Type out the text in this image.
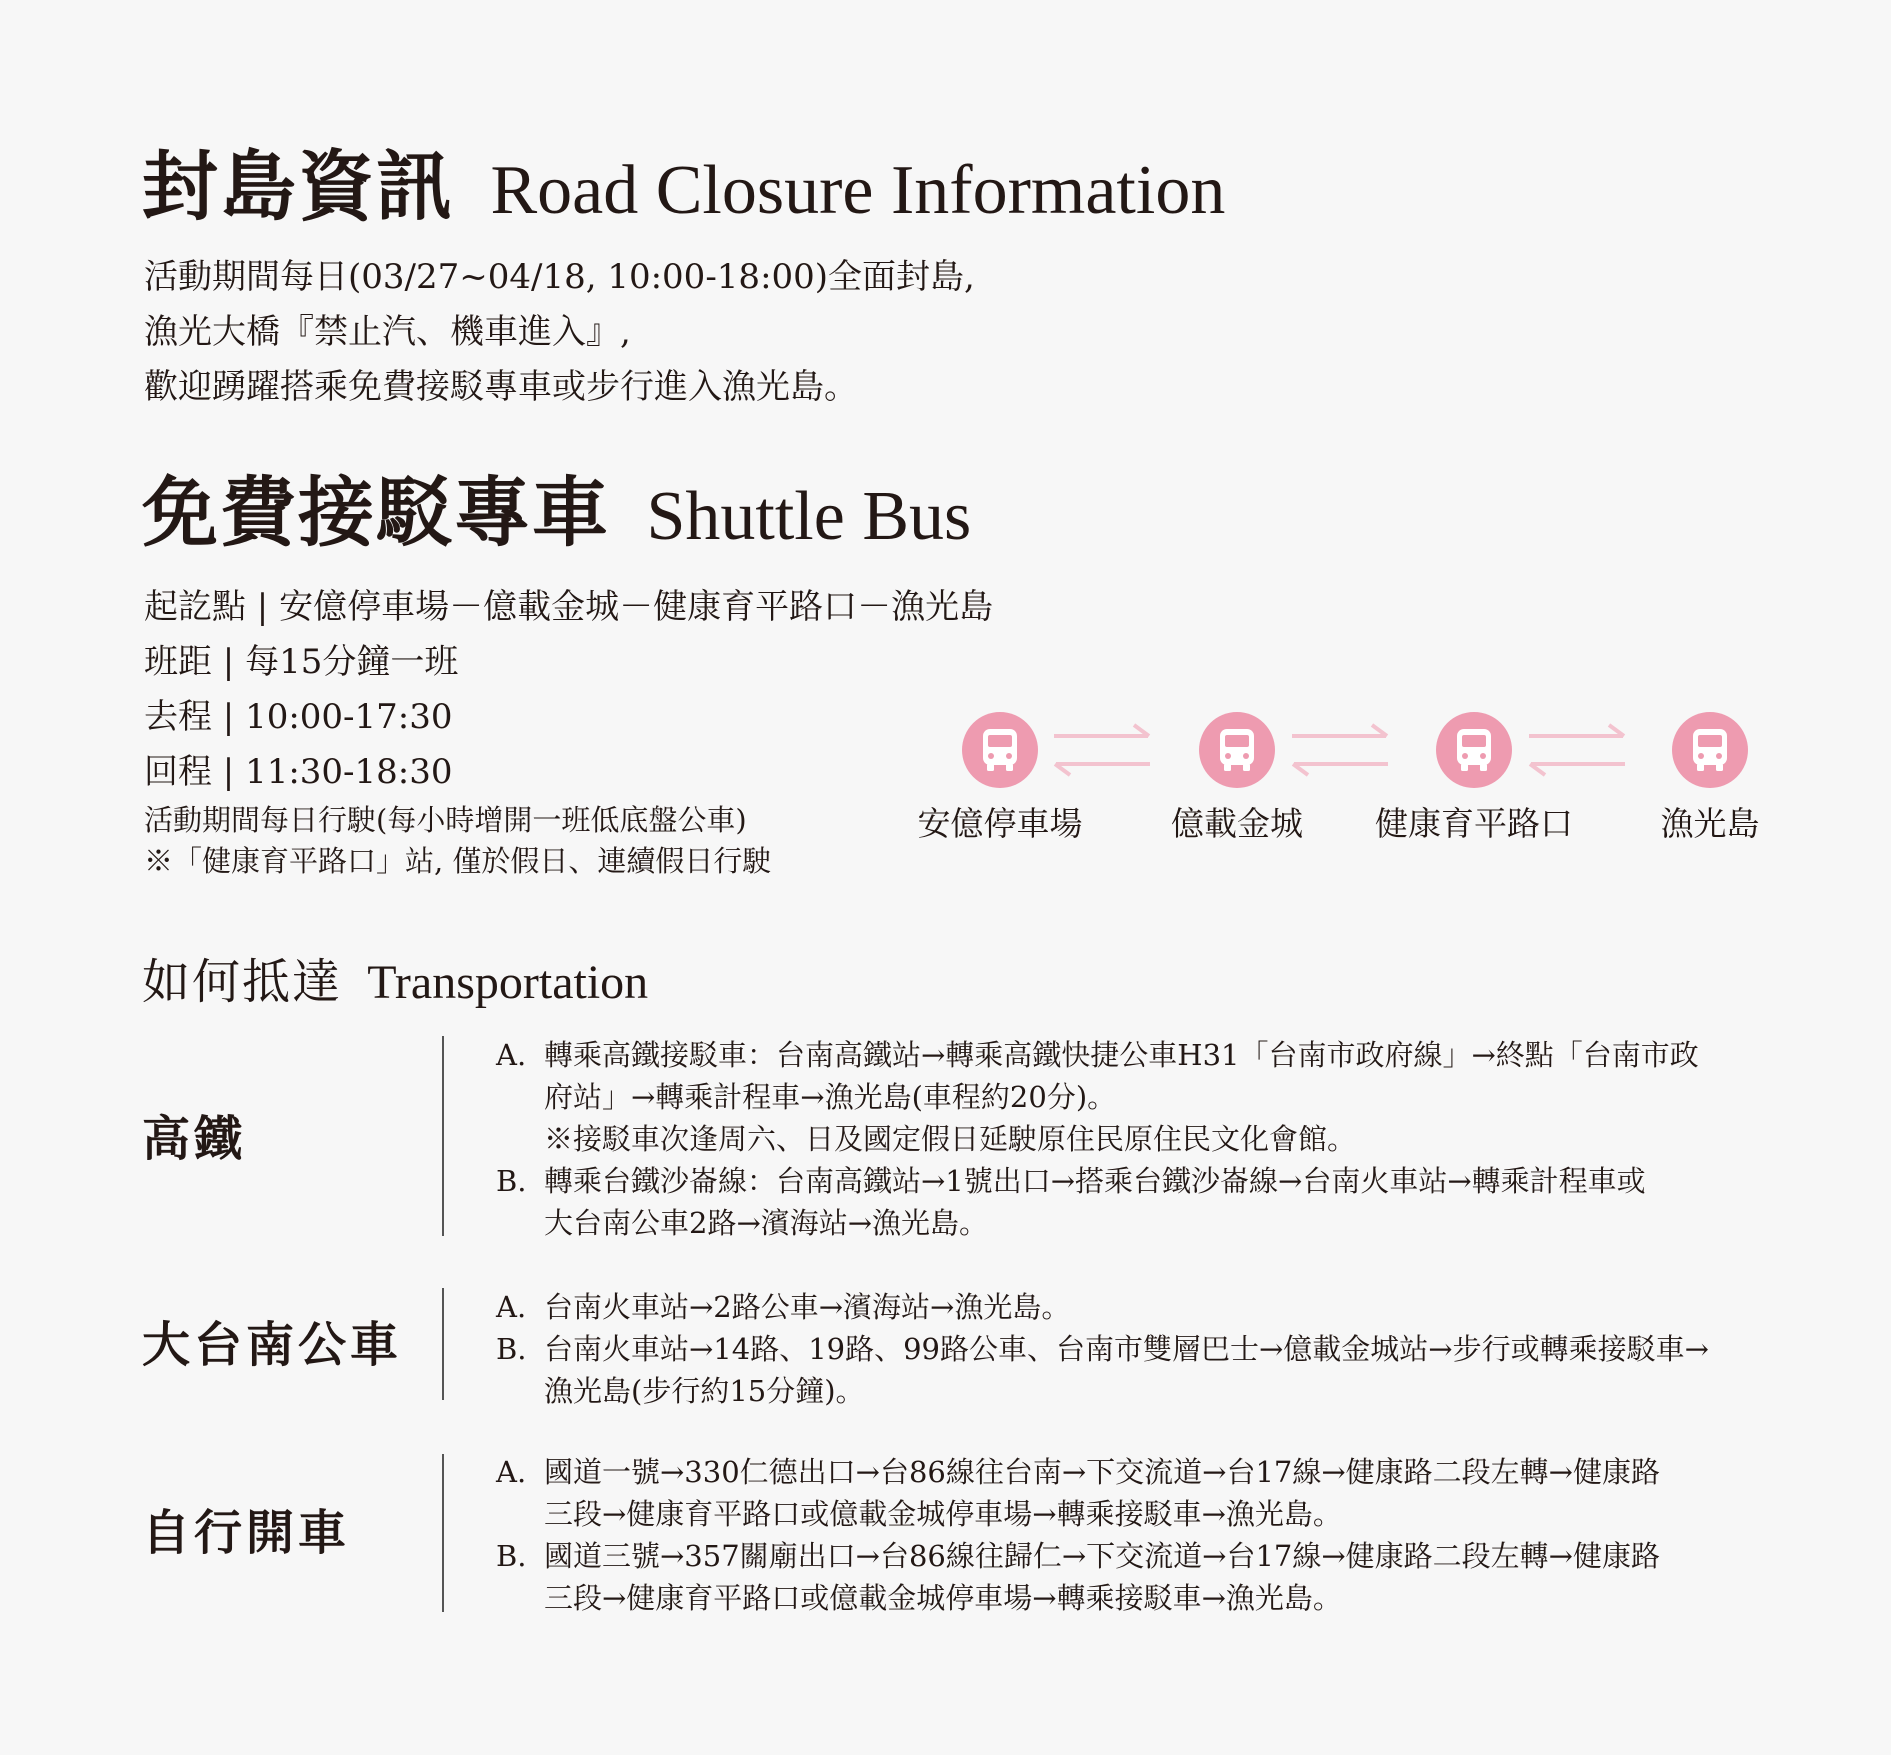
封島資訊 Road Closure Information
活動期間每日(03/27~04/18, 10:00-18:00)全面封島,
漁光大橋『禁止汽、機車進入』,
歡迎踴躍搭乘免費接駁專車或步行進入漁光島。
免費接駁專車 Shuttle Bus
起訖點 | 安億停車場－億載金城－健康育平路口－漁光島
班距 | 每15分鐘一班
去程 | 10:00-17:30
回程 | 11:30-18:30
活動期間每日行駛(每小時增開一班低底盤公車)
※「健康育平路口」站, 僅於假日、連續假日行駛
安億停車場	億載金城	健康育平路口	漁光島
如何抵達 Transportation
高鐵
A. 轉乘高鐵接駁車：台南高鐵站→轉乘高鐵快捷公車H31「台南市政府線」→終點「台南市政
府站」→轉乘計程車→漁光島(車程約20分)。
※接駁車次逢周六、日及國定假日延駛原住民原住民文化會館。
B. 轉乘台鐵沙崙線：台南高鐵站→1號出口→搭乘台鐵沙崙線→台南火車站→轉乘計程車或
大台南公車2路→濱海站→漁光島。
大台南公車
A. 台南火車站→2路公車→濱海站→漁光島。
B. 台南火車站→14路、19路、99路公車、台南市雙層巴士→億載金城站→步行或轉乘接駁車→
漁光島(步行約15分鐘)。
自行開車
A. 國道一號→330仁德出口→台86線往台南→下交流道→台17線→健康路二段左轉→健康路
三段→健康育平路口或億載金城停車場→轉乘接駁車→漁光島。
B. 國道三號→357關廟出口→台86線往歸仁→下交流道→台17線→健康路二段左轉→健康路
三段→健康育平路口或億載金城停車場→轉乘接駁車→漁光島。
